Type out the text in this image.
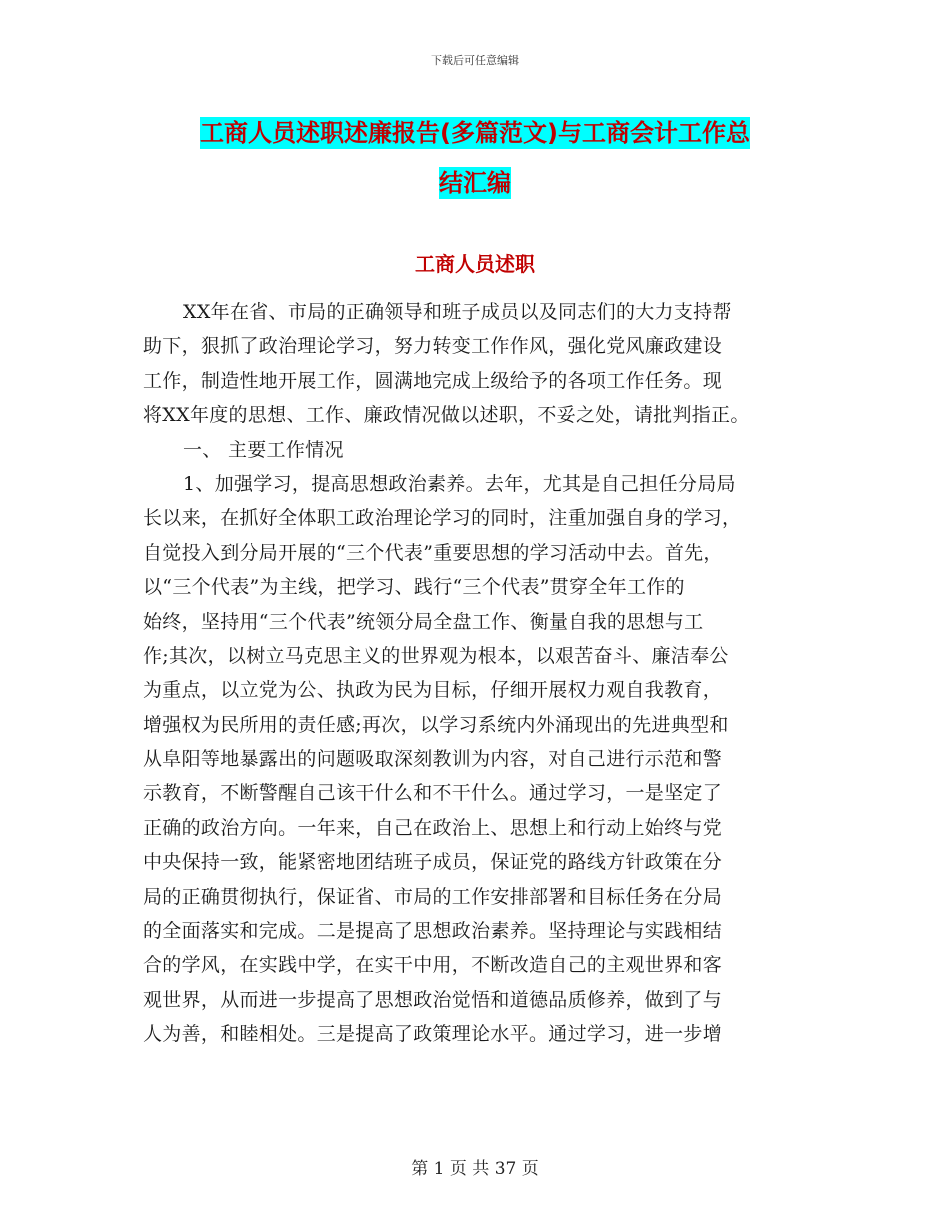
下载后可任意编辑
工商人员述职述廉报告(多篇范文)与工商会计工作总
结汇编
工商人员述职
XX年在省、市局的正确领导和班子成员以及同志们的大力支持帮
助下，狠抓了政治理论学习，努力转变工作作风，强化党风廉政建设
工作，制造性地开展工作，圆满地完成上级给予的各项工作任务。现
将XX年度的思想、工作、廉政情况做以述职，不妥之处，请批判指正。
一、 主要工作情况
1、加强学习，提高思想政治素养。去年，尤其是自己担任分局局
长以来，在抓好全体职工政治理论学习的同时，注重加强自身的学习，
自觉投入到分局开展的“三个代表”重要思想的学习活动中去。首先，
以“三个代表”为主线，把学习、践行“三个代表”贯穿全年工作的
始终，坚持用“三个代表”统领分局全盘工作、衡量自我的思想与工
作;其次，以树立马克思主义的世界观为根本，以艰苦奋斗、廉洁奉公
为重点，以立党为公、执政为民为目标，仔细开展权力观自我教育，
增强权为民所用的责任感;再次，以学习系统内外涌现出的先进典型和
从阜阳等地暴露出的问题吸取深刻教训为内容，对自己进行示范和警
示教育，不断警醒自己该干什么和不干什么。通过学习，一是坚定了
正确的政治方向。一年来，自己在政治上、思想上和行动上始终与党
中央保持一致，能紧密地团结班子成员，保证党的路线方针政策在分
局的正确贯彻执行，保证省、市局的工作安排部署和目标任务在分局
的全面落实和完成。二是提高了思想政治素养。坚持理论与实践相结
合的学风，在实践中学，在实干中用，不断改造自己的主观世界和客
观世界，从而进一步提高了思想政治觉悟和道德品质修养，做到了与
人为善，和睦相处。三是提高了政策理论水平。通过学习，进一步增
第 1 页 共 37 页
